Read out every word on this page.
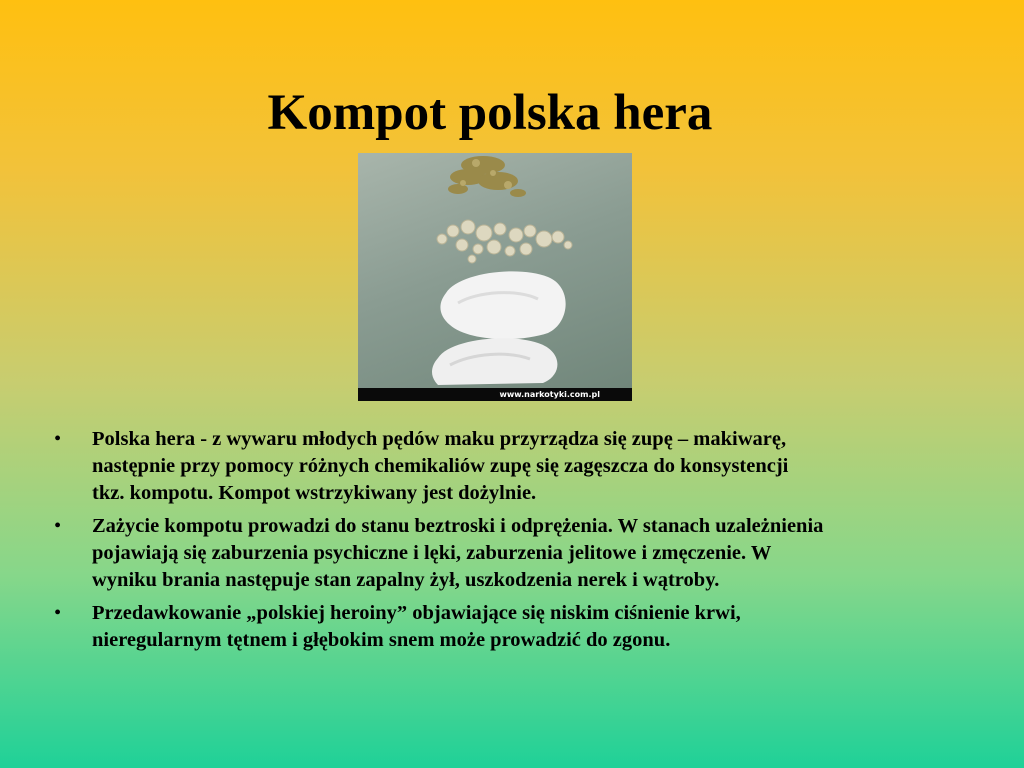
Kompot polska hera
www.narkotyki.com.pl
• Polska hera - z wywaru młodych pędów maku przyrządza się zupę – makiwarę, następnie przy pomocy różnych chemikaliów zupę się zagęszcza do konsystencji tkz. kompotu. Kompot wstrzykiwany jest dożylnie.
• Zażycie kompotu prowadzi do stanu beztroski i odprężenia. W stanach uzależnienia pojawiają się zaburzenia psychiczne i lęki, zaburzenia jelitowe i zmęczenie. W wyniku brania następuje stan zapalny żył, uszkodzenia nerek i wątroby.
• Przedawkowanie „polskiej heroiny” objawiające się niskim ciśnienie krwi, nieregularnym tętnem i głębokim snem może prowadzić do zgonu.
